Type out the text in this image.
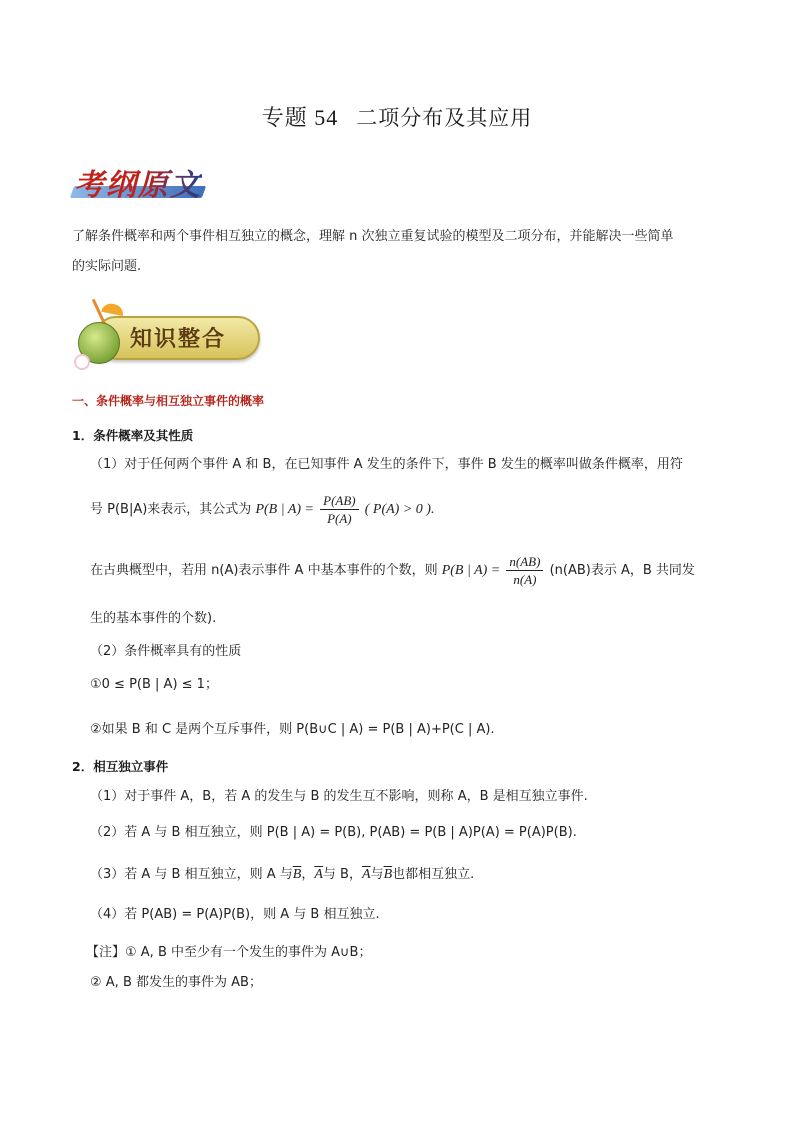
专题 54 二项分布及其应用
考纲原文
了解条件概率和两个事件相互独立的概念，理解 n 次独立重复试验的模型及二项分布，并能解决一些简单
的实际问题.
知识整合
一、条件概率与相互独立事件的概率
1．条件概率及其性质
（1）对于任何两个事件 A 和 B，在已知事件 A 发生的条件下，事件 B 发生的概率叫做条件概率，用符
号 P(B|A)来表示，其公式为 P(B | $A) = \frac{P(AB)}{P(A)}$ ( P(A) > 0 ).
在古典概型中，若用 n(A)表示事件 A 中基本事件的个数，则 P(B | $A) = \frac{n(AB)}{n(A)} (n(AB)$表示 A，B 共同发
生的基本事件的个数).
（2）条件概率具有的性质
①0 ≤ P(B | A) ≤ 1；
②如果 B 和 C 是两个互斥事件，则 P(B∪C | A) = P(B | A)+P(C | A).
2．相互独立事件
（1）对于事件 A，B，若 A 的发生与 B 的发生互不影响，则称 A，B 是相互独立事件.
（2）若 A 与 B 相互独立，则 P(B | A) = P(B), P(AB) = P(B | A)P(A) = P(A)P(B).
（3）若 A 与 B 相互独立，则 A 与$\overline{B}$，$\overline{A}$与 B，$\overline{A}$与$\overline{B}$也都相互独立.
（4）若 P(AB) = P(A)P(B)，则 A 与 B 相互独立.
【注】① A, B 中至少有一个发生的事件为 A∪B；
② A, B 都发生的事件为 AB；
